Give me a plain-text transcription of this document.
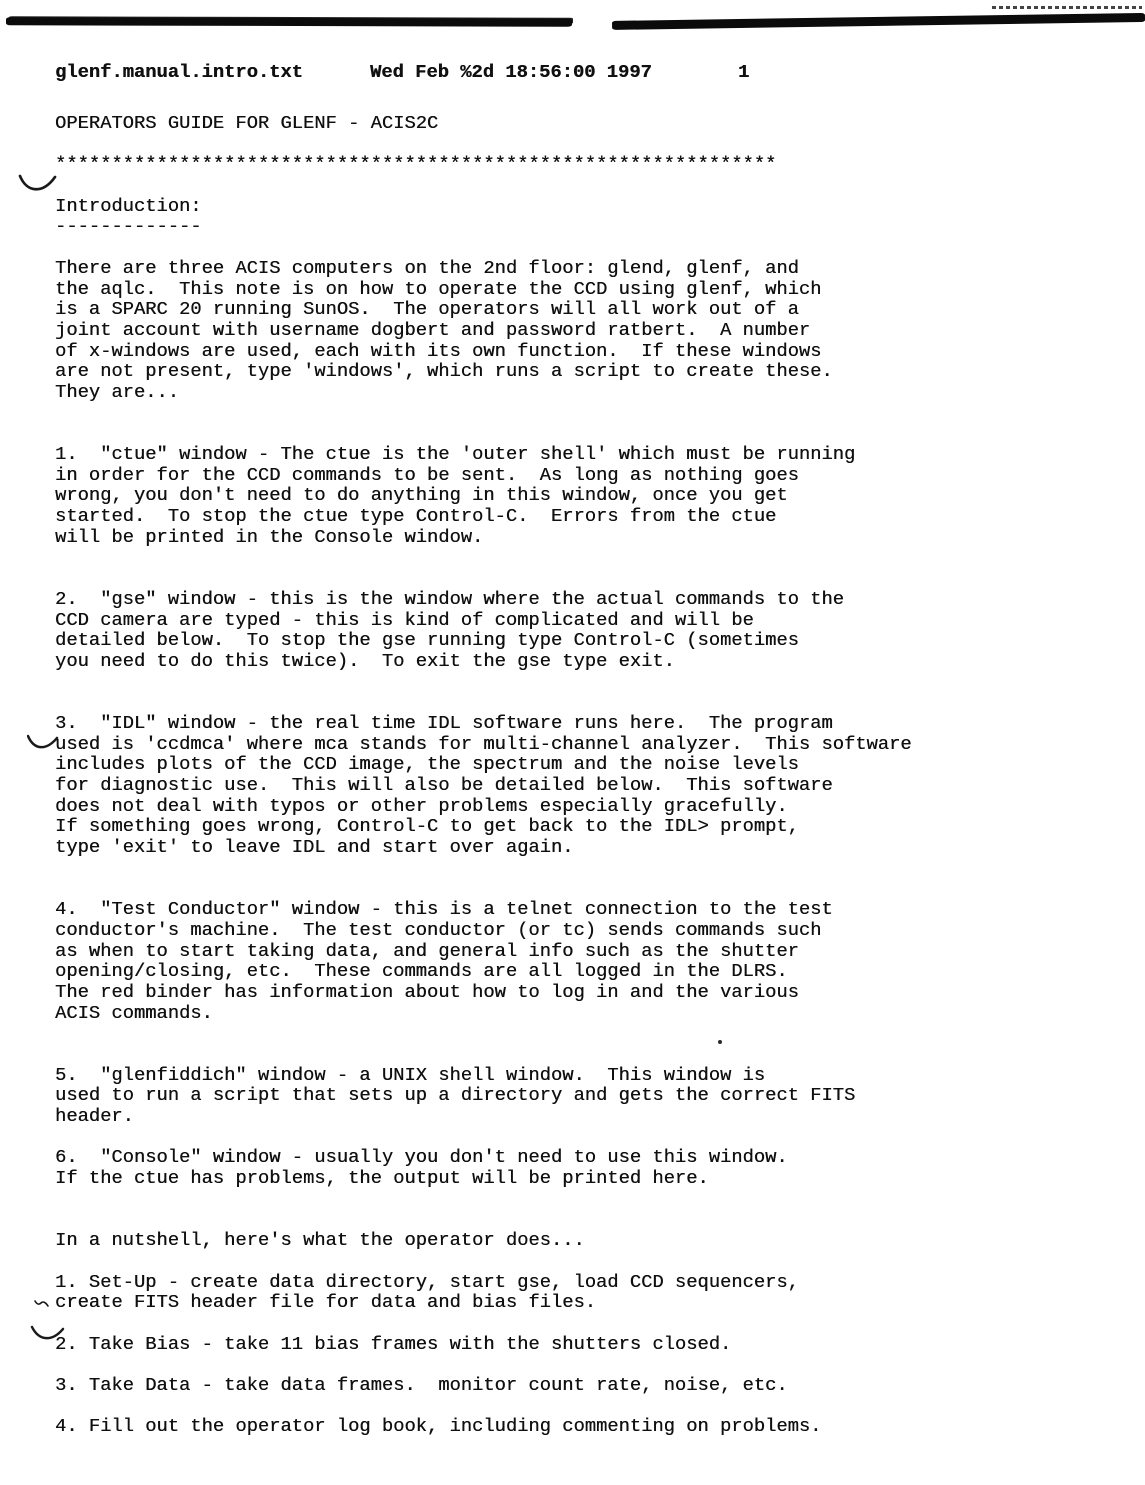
glenf.manual.intro.txt	Wed Feb %2d 18:56:00 1997	1
OPERATORS GUIDE FOR GLENF - ACIS2C
****************************************************************
Introduction:
-------------
There are three ACIS computers on the 2nd floor: glend, glenf, and
the aqlc.  This note is on how to operate the CCD using glenf, which
is a SPARC 20 running SunOS.  The operators will all work out of a
joint account with username dogbert and password ratbert.  A number
of x-windows are used, each with its own function.  If these windows
are not present, type 'windows', which runs a script to create these.
They are...
1.  "ctue" window - The ctue is the 'outer shell' which must be running
in order for the CCD commands to be sent.  As long as nothing goes
wrong, you don't need to do anything in this window, once you get
started.  To stop the ctue type Control-C.  Errors from the ctue
will be printed in the Console window.
2.  "gse" window - this is the window where the actual commands to the
CCD camera are typed - this is kind of complicated and will be
detailed below.  To stop the gse running type Control-C (sometimes
you need to do this twice).  To exit the gse type exit.
3.  "IDL" window - the real time IDL software runs here.  The program
used is 'ccdmca' where mca stands for multi-channel analyzer.  This software
includes plots of the CCD image, the spectrum and the noise levels
for diagnostic use.  This will also be detailed below.  This software
does not deal with typos or other problems especially gracefully.
If something goes wrong, Control-C to get back to the IDL> prompt,
type 'exit' to leave IDL and start over again.
4.  "Test Conductor" window - this is a telnet connection to the test
conductor's machine.  The test conductor (or tc) sends commands such
as when to start taking data, and general info such as the shutter
opening/closing, etc.  These commands are all logged in the DLRS.
The red binder has information about how to log in and the various
ACIS commands.
5.  "glenfiddich" window - a UNIX shell window.  This window is
used to run a script that sets up a directory and gets the correct FITS
header.
6.  "Console" window - usually you don't need to use this window.
If the ctue has problems, the output will be printed here.
In a nutshell, here's what the operator does...
1. Set-Up - create data directory, start gse, load CCD sequencers,
create FITS header file for data and bias files.
2. Take Bias - take 11 bias frames with the shutters closed.
3. Take Data - take data frames.  monitor count rate, noise, etc.
4. Fill out the operator log book, including commenting on problems.
